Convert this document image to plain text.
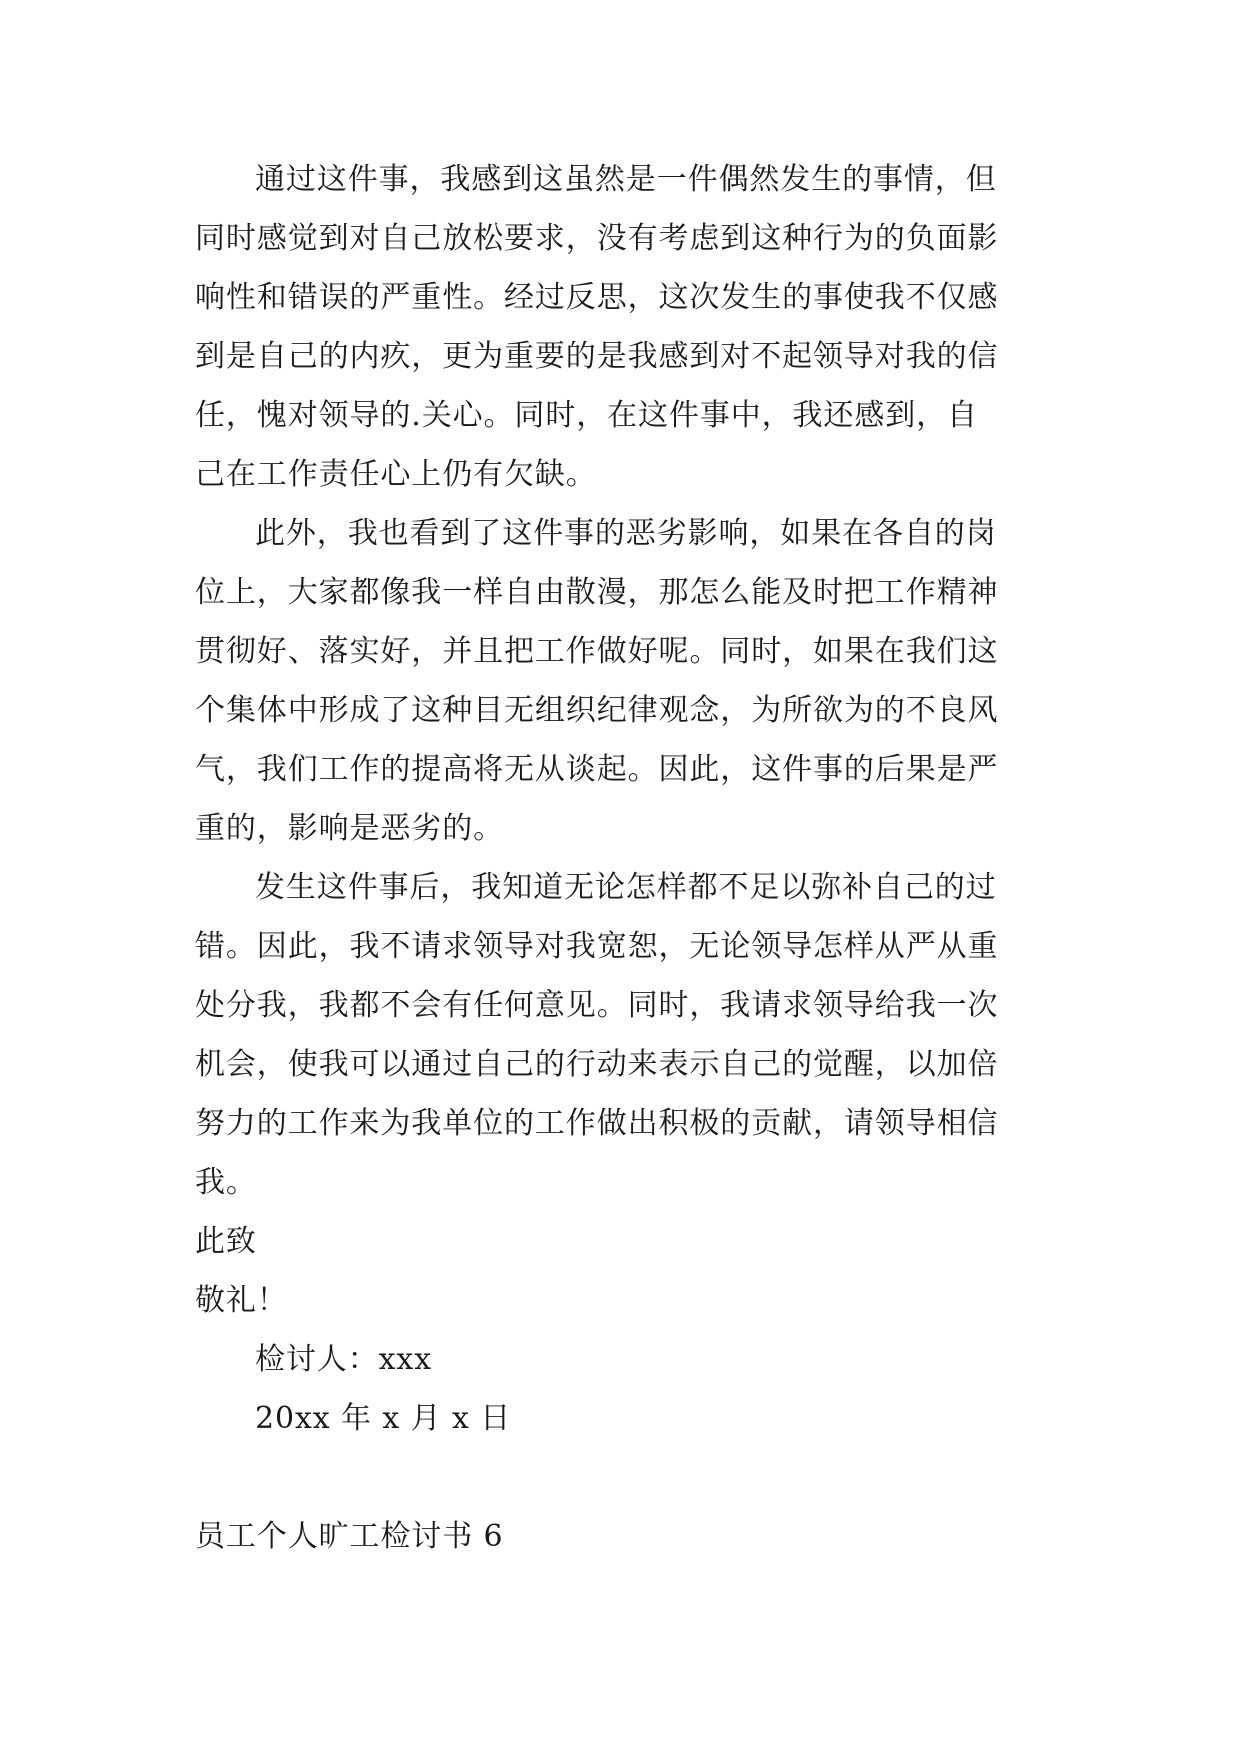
通过这件事，我感到这虽然是一件偶然发生的事情，但

同时感觉到对自己放松要求，没有考虑到这种行为的负面影

响性和错误的严重性。经过反思，这次发生的事使我不仅感

到是自己的内疚，更为重要的是我感到对不起领导对我的信

任，愧对领导的.关心。同时，在这件事中，我还感到，自

己在工作责任心上仍有欠缺。

此外，我也看到了这件事的恶劣影响，如果在各自的岗

位上，大家都像我一样自由散漫，那怎么能及时把工作精神

贯彻好、落实好，并且把工作做好呢。同时，如果在我们这

个集体中形成了这种目无组织纪律观念，为所欲为的不良风

气，我们工作的提高将无从谈起。因此，这件事的后果是严

重的，影响是恶劣的。

发生这件事后，我知道无论怎样都不足以弥补自己的过

错。因此，我不请求领导对我宽恕，无论领导怎样从严从重

处分我，我都不会有任何意见。同时，我请求领导给我一次

机会，使我可以通过自己的行动来表示自己的觉醒，以加倍

努力的工作来为我单位的工作做出积极的贡献，请领导相信

我。

此致

敬礼！

检讨人：xxx

20xx 年 x 月 x 日

员工个人旷工检讨书 6
